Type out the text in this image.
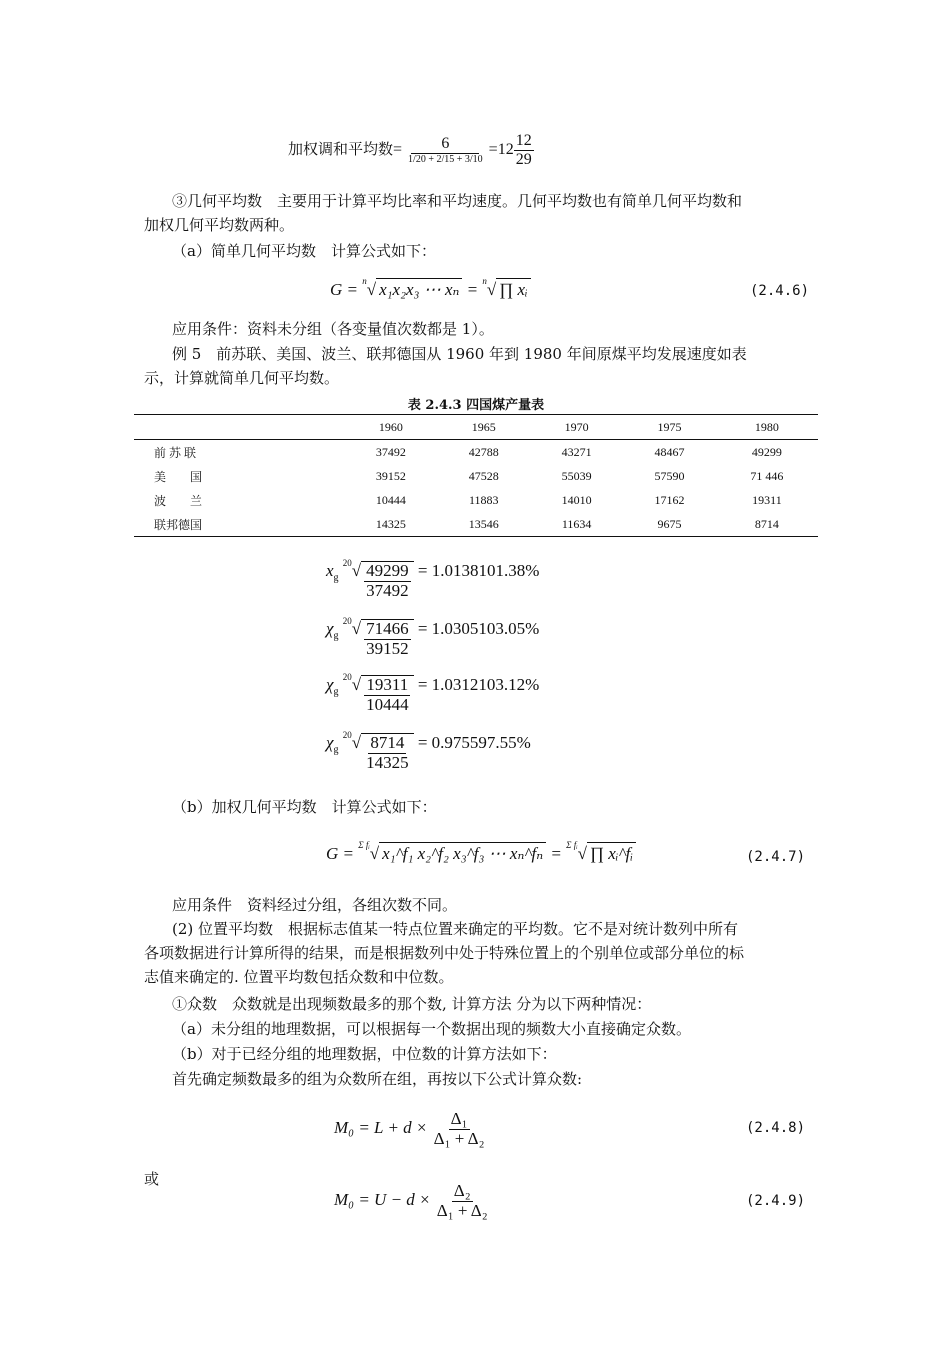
加权调和平均数= $\frac{6}{1/20 + 2/15 + 3/10} =12 \frac{12}{29}$
③几何平均数　主要用于计算平均比率和平均速度。几何平均数也有简单几何平均数和
加权几何平均数两种。
（a）简单几何平均数　计算公式如下：
G = $^n$√ x₁x₂x₃ ⋯ xₙ = $^n$√ ∏ xᵢ	(2.4.6)
应用条件：资料未分组（各变量值次数都是 1）。
例 5　前苏联、美国、波兰、联邦德国从 1960 年到 1980 年间原煤平均发展速度如表
示，计算就简单几何平均数。
表 2.4.3 四国煤产量表
	1960	1965	1970	1975	1980
前 苏 联	37492	42788	43271	48467	49299
美　　国	39152	47528	55039	57590	71 446
波　　兰	10444	11883	14010	17162	19311
联邦德国	14325	13546	11634	9675	8714
$x_g$ $^{20}√ \frac{49299}{37492} = 1.0138101.38\%$
$\chi_g$ $^{20}√ \frac{71466}{39152} = 1.0305103.05\%$
$\chi_g$ $^{20}√ \frac{19311}{10444} = 1.0312103.12\%$
$\chi_g$ $^{20}√ \frac{8714}{14325} = 0.975597.55\%$
（b）加权几何平均数　计算公式如下：
G = $^{\Sigma fᵢ}$√ x₁^f₁ x₂^f₂ x₃^f₃ ⋯ xₙ^fₙ = $^{\Sigma fᵢ}$√ ∏ xᵢ^fᵢ	(2.4.7)
应用条件　资料经过分组，各组次数不同。
(2) 位置平均数　根据标志值某一特点位置来确定的平均数。它不是对统计数列中所有
各项数据进行计算所得的结果，而是根据数列中处于特殊位置上的个别单位或部分单位的标
志值来确定的. 位置平均数包括众数和中位数。
①众数　众数就是出现频数最多的那个数, 计算方法 分为以下两种情况：
（a）未分组的地理数据，可以根据每一个数据出现的频数大小直接确定众数。
（b）对于已经分组的地理数据，中位数的计算方法如下：
首先确定频数最多的组为众数所在组，再按以下公式计算众数:
$M_0 = L + d \times \frac{\text{Δ₁}}{\text{Δ₁ + Δ₂}}$	(2.4.8)
或
$M_0 = U - d \times \frac{\text{Δ₂}}{\text{Δ₁ + Δ₂}}$	(2.4.9)
